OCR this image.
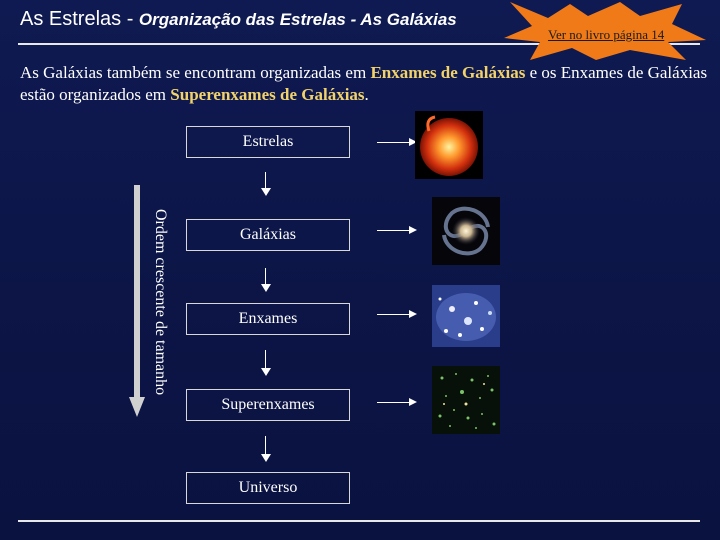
As Estrelas - Organização das Estrelas - As Galáxias
Ver no livro página 14
As Galáxias também se encontram organizadas em Enxames de Galáxias e os Enxames de Galáxias estão organizados em Superenxames de Galáxias.
Estrelas
Galáxias
Enxames
Superenxames
Universo
Ordem crescente de tamanho
